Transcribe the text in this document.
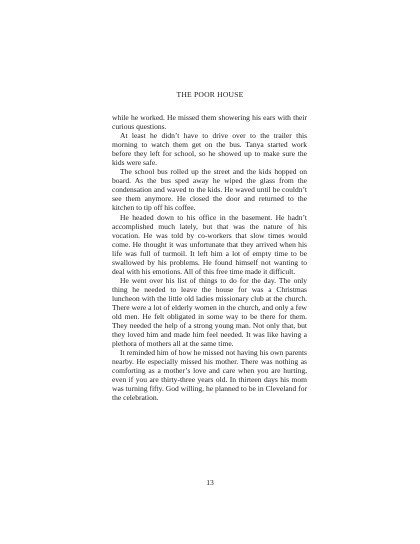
THE POOR HOUSE

while he worked. He missed them showering his ears with their curious questions.

At least he didn’t have to drive over to the trailer this morning to watch them get on the bus. Tanya started work before they left for school, so he showed up to make sure the kids were safe.

The school bus rolled up the street and the kids hopped on board. As the bus sped away he wiped the glass from the condensation and waved to the kids. He waved until he couldn’t see them anymore. He closed the door and returned to the kitchen to tip off his coffee.

He headed down to his office in the basement. He hadn’t accomplished much lately, but that was the nature of his vocation. He was told by co-workers that slow times would come. He thought it was unfortunate that they arrived when his life was full of turmoil. It left him a lot of empty time to be swallowed by his problems. He found himself not wanting to deal with his emotions. All of this free time made it difficult.

He went over his list of things to do for the day. The only thing he needed to leave the house for was a Christmas luncheon with the little old ladies missionary club at the church. There were a lot of elderly women in the church, and only a few old men. He felt obligated in some way to be there for them. They needed the help of a strong young man. Not only that, but they loved him and made him feel needed. It was like having a plethora of mothers all at the same time.

It reminded him of how he missed not having his own parents nearby. He especially missed his mother. There was nothing as comforting as a mother’s love and care when you are hurting, even if you are thirty-three years old. In thirteen days his mom was turning fifty. God willing, he planned to be in Cleveland for the celebration.

13
